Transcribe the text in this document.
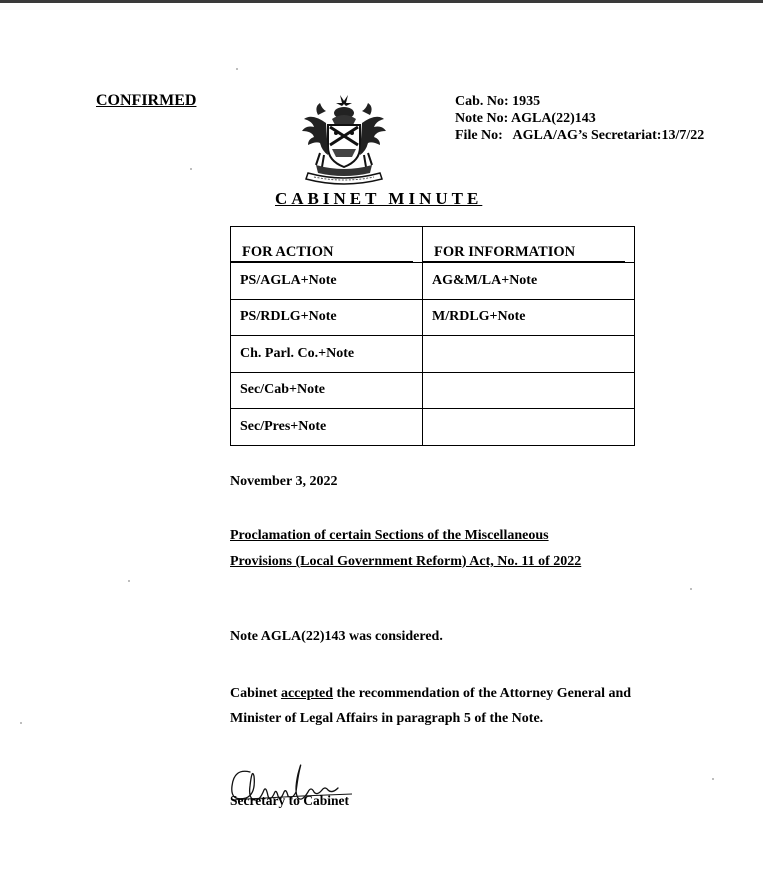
CONFIRMED	Cab. No: 1935
Note No: AGLA(22)143
File No:   AGLA/AG’s Secretariat:13/7/22
CABINET MINUTE
FOR ACTION	FOR INFORMATION
PS/AGLA+Note	AG&M/LA+Note
PS/RDLG+Note	M/RDLG+Note
Ch. Parl. Co.+Note	
Sec/Cab+Note	
Sec/Pres+Note	
November 3, 2022
Proclamation of certain Sections of the Miscellaneous Provisions (Local Government Reform) Act, No. 11 of 2022
Note AGLA(22)143 was considered.
Cabinet accepted the recommendation of the Attorney General and Minister of Legal Affairs in paragraph 5 of the Note.
Secretary to Cabinet
